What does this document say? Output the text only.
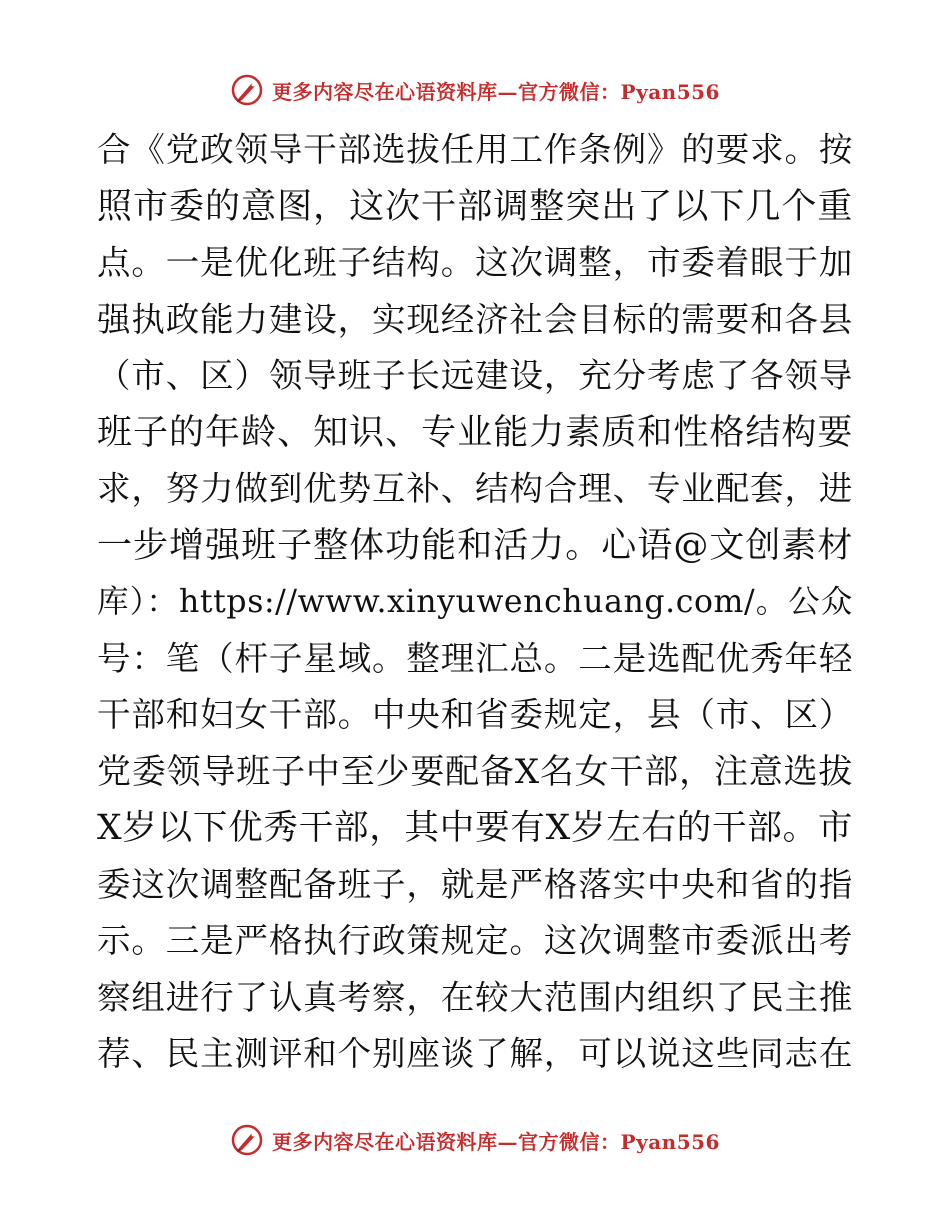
更多内容尽在心语资料库—官方微信：Pyan556
合《党政领导干部选拔任用工作条例》的要求。按
照市委的意图，这次干部调整突出了以下几个重
点。一是优化班子结构。这次调整，市委着眼于加
强执政能力建设，实现经济社会目标的需要和各县
（市、区）领导班子长远建设，充分考虑了各领导
班子的年龄、知识、专业能力素质和性格结构要
求，努力做到优势互补、结构合理、专业配套，进
一步增强班子整体功能和活力。心语@文创素材
库）：https://www.xinyuwenchuang.com/。公众
号：笔（杆子星域。整理汇总。二是选配优秀年轻
干部和妇女干部。中央和省委规定，县（市、区）
党委领导班子中至少要配备X名女干部，注意选拔
X岁以下优秀干部，其中要有X岁左右的干部。市
委这次调整配备班子，就是严格落实中央和省的指
示。三是严格执行政策规定。这次调整市委派出考
察组进行了认真考察，在较大范围内组织了民主推
荐、民主测评和个别座谈了解，可以说这些同志在
更多内容尽在心语资料库—官方微信：Pyan556
